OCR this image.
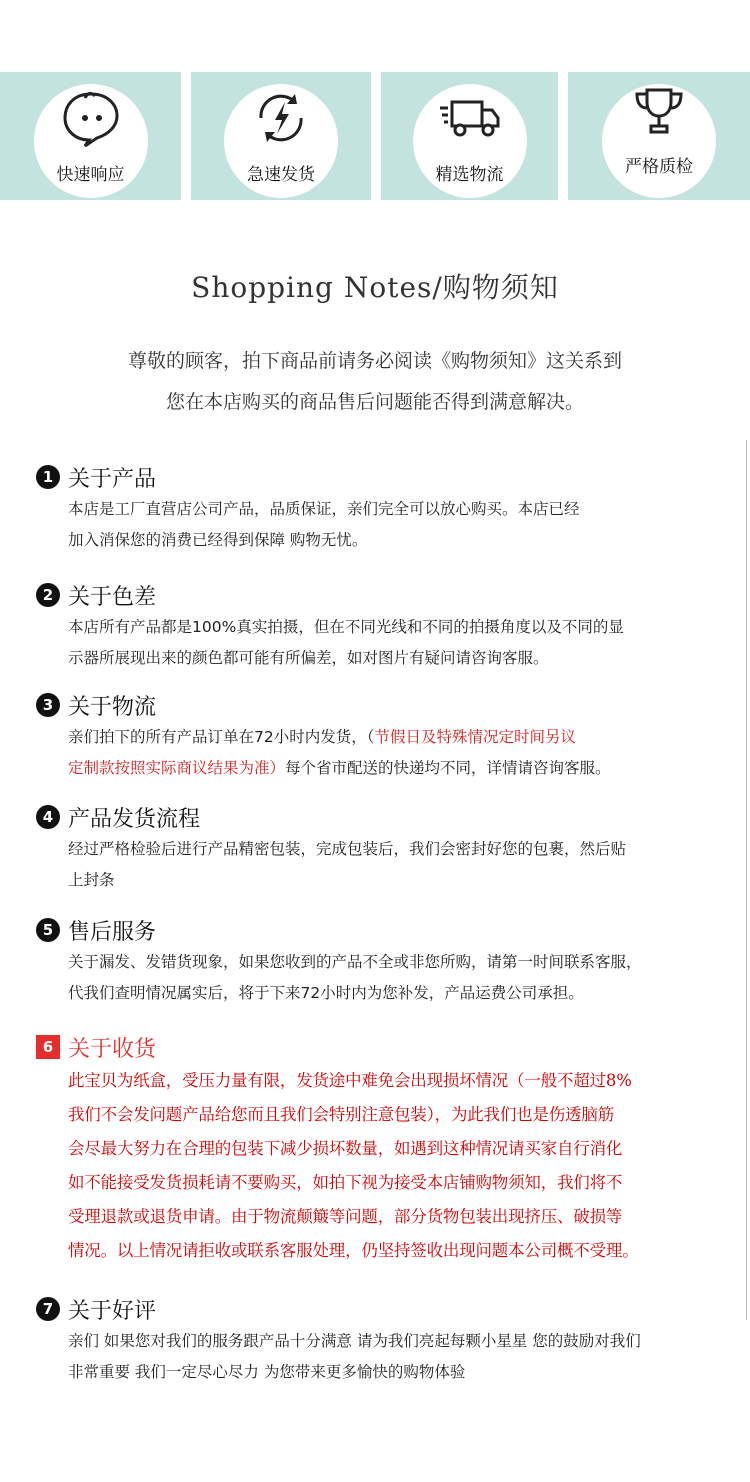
快速响应	急速发货	精选物流	严格质检
Shopping Notes/购物须知
尊敬的顾客，拍下商品前请务必阅读《购物须知》这关系到
您在本店购买的商品售后问题能否得到满意解决。
1 关于产品

本店是工厂直营店公司产品，品质保证，亲们完全可以放心购买。本店已经

加入消保您的消费已经得到保障 购物无忧。

2 关于色差

本店所有产品都是100%真实拍摄，但在不同光线和不同的拍摄角度以及不同的显

示器所展现出来的颜色都可能有所偏差，如对图片有疑问请咨询客服。

3 关于物流

亲们拍下的所有产品订单在72小时内发货，（节假日及特殊情况定时间另议

定制款按照实际商议结果为准）每个省市配送的快递均不同，详情请咨询客服。

4 产品发货流程

经过严格检验后进行产品精密包装，完成包装后，我们会密封好您的包裹，然后贴

上封条

5 售后服务

关于漏发、发错货现象，如果您收到的产品不全或非您所购，请第一时间联系客服，

代我们查明情况属实后，将于下来72小时内为您补发，产品运费公司承担。

6 关于收货

此宝贝为纸盒，受压力量有限，发货途中难免会出现损坏情况（一般不超过8%

我们不会发问题产品给您而且我们会特别注意包装），为此我们也是伤透脑筋

会尽最大努力在合理的包装下减少损坏数量，如遇到这种情况请买家自行消化

如不能接受发货损耗请不要购买，如拍下视为接受本店铺购物须知，我们将不

受理退款或退货申请。由于物流颠簸等问题，部分货物包装出现挤压、破损等

情况。以上情况请拒收或联系客服处理，仍坚持签收出现问题本公司概不受理。

7 关于好评

亲们 如果您对我们的服务跟产品十分满意 请为我们亮起每颗小星星 您的鼓励对我们

非常重要 我们一定尽心尽力 为您带来更多愉快的购物体验
